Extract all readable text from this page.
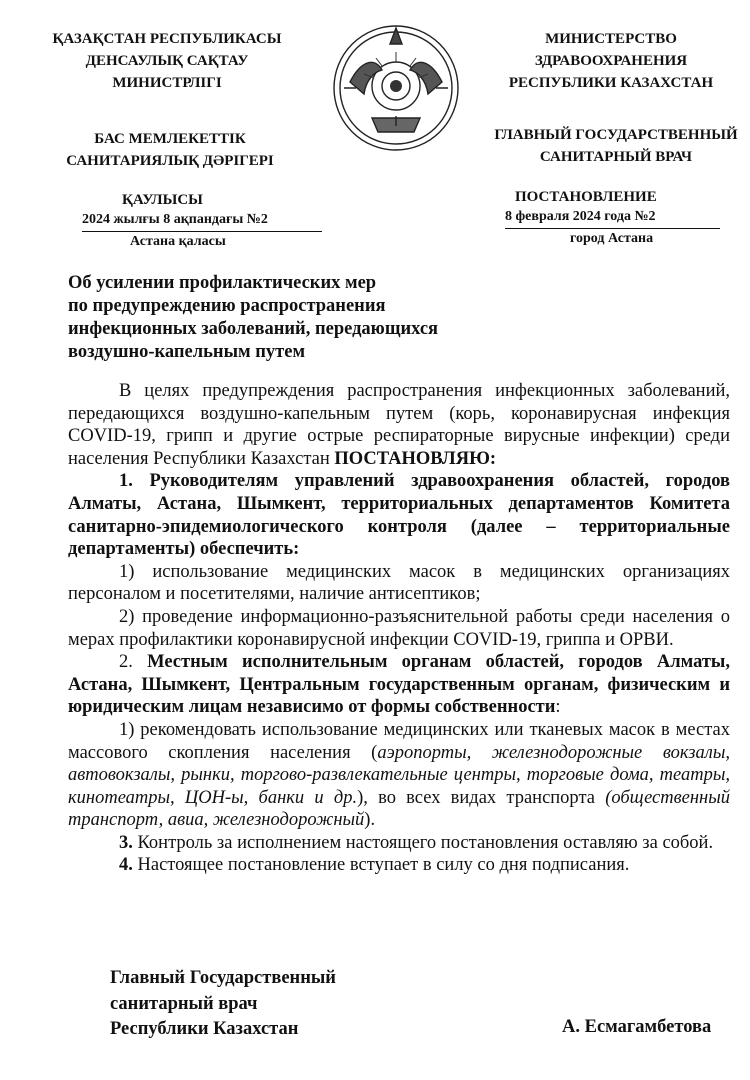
ҚАЗАҚСТАН РЕСПУБЛИКАСЫ
ДЕНСАУЛЫҚ САҚТАУ
МИНИСТРЛІГІ
МИНИСТЕРСТВО
ЗДРАВООХРАНЕНИЯ
РЕСПУБЛИКИ КАЗАХСТАН
БАС МЕМЛЕКЕТТІК
САНИТАРИЯЛЫҚ ДӘРІГЕРІ
ГЛАВНЫЙ ГОСУДАРСТВЕННЫЙ
САНИТАРНЫЙ ВРАЧ
ҚАУЛЫСЫ
2024 жылғы 8 ақпандағы №2
Астана қаласы
ПОСТАНОВЛЕНИЕ
8 февраля 2024 года №2
город Астана
Об усилении профилактических мер
по предупреждению распространения
инфекционных заболеваний, передающихся
воздушно-капельным путем

В целях предупреждения распространения инфекционных заболеваний, передающихся воздушно-капельным путем (корь, коронавирусная инфекция COVID-19, грипп и другие острые респираторные вирусные инфекции) среди населения Республики Казахстан ПОСТАНОВЛЯЮ:

1. Руководителям управлений здравоохранения областей, городов Алматы, Астана, Шымкент, территориальных департаментов Комитета санитарно-эпидемиологического контроля (далее – территориальные департаменты) обеспечить:

1) использование медицинских масок в медицинских организациях персоналом и посетителями, наличие антисептиков;

2) проведение информационно-разъяснительной работы среди населения о мерах профилактики коронавирусной инфекции COVID-19, гриппа и ОРВИ.

2. Местным исполнительным органам областей, городов Алматы, Астана, Шымкент, Центральным государственным органам, физическим и юридическим лицам независимо от формы собственности:

1) рекомендовать использование медицинских или тканевых масок в местах массового скопления населения (аэропорты, железнодорожные вокзалы, автовокзалы, рынки, торгово-развлекательные центры, торговые дома, театры, кинотеатры, ЦОН-ы, банки и др.), во всех видах транспорта (общественный транспорт, авиа, железнодорожный).

3. Контроль за исполнением настоящего постановления оставляю за собой.

4. Настоящее постановление вступает в силу со дня подписания.

Главный Государственный
санитарный врач
Республики Казахстан	А. Есмагамбетова
